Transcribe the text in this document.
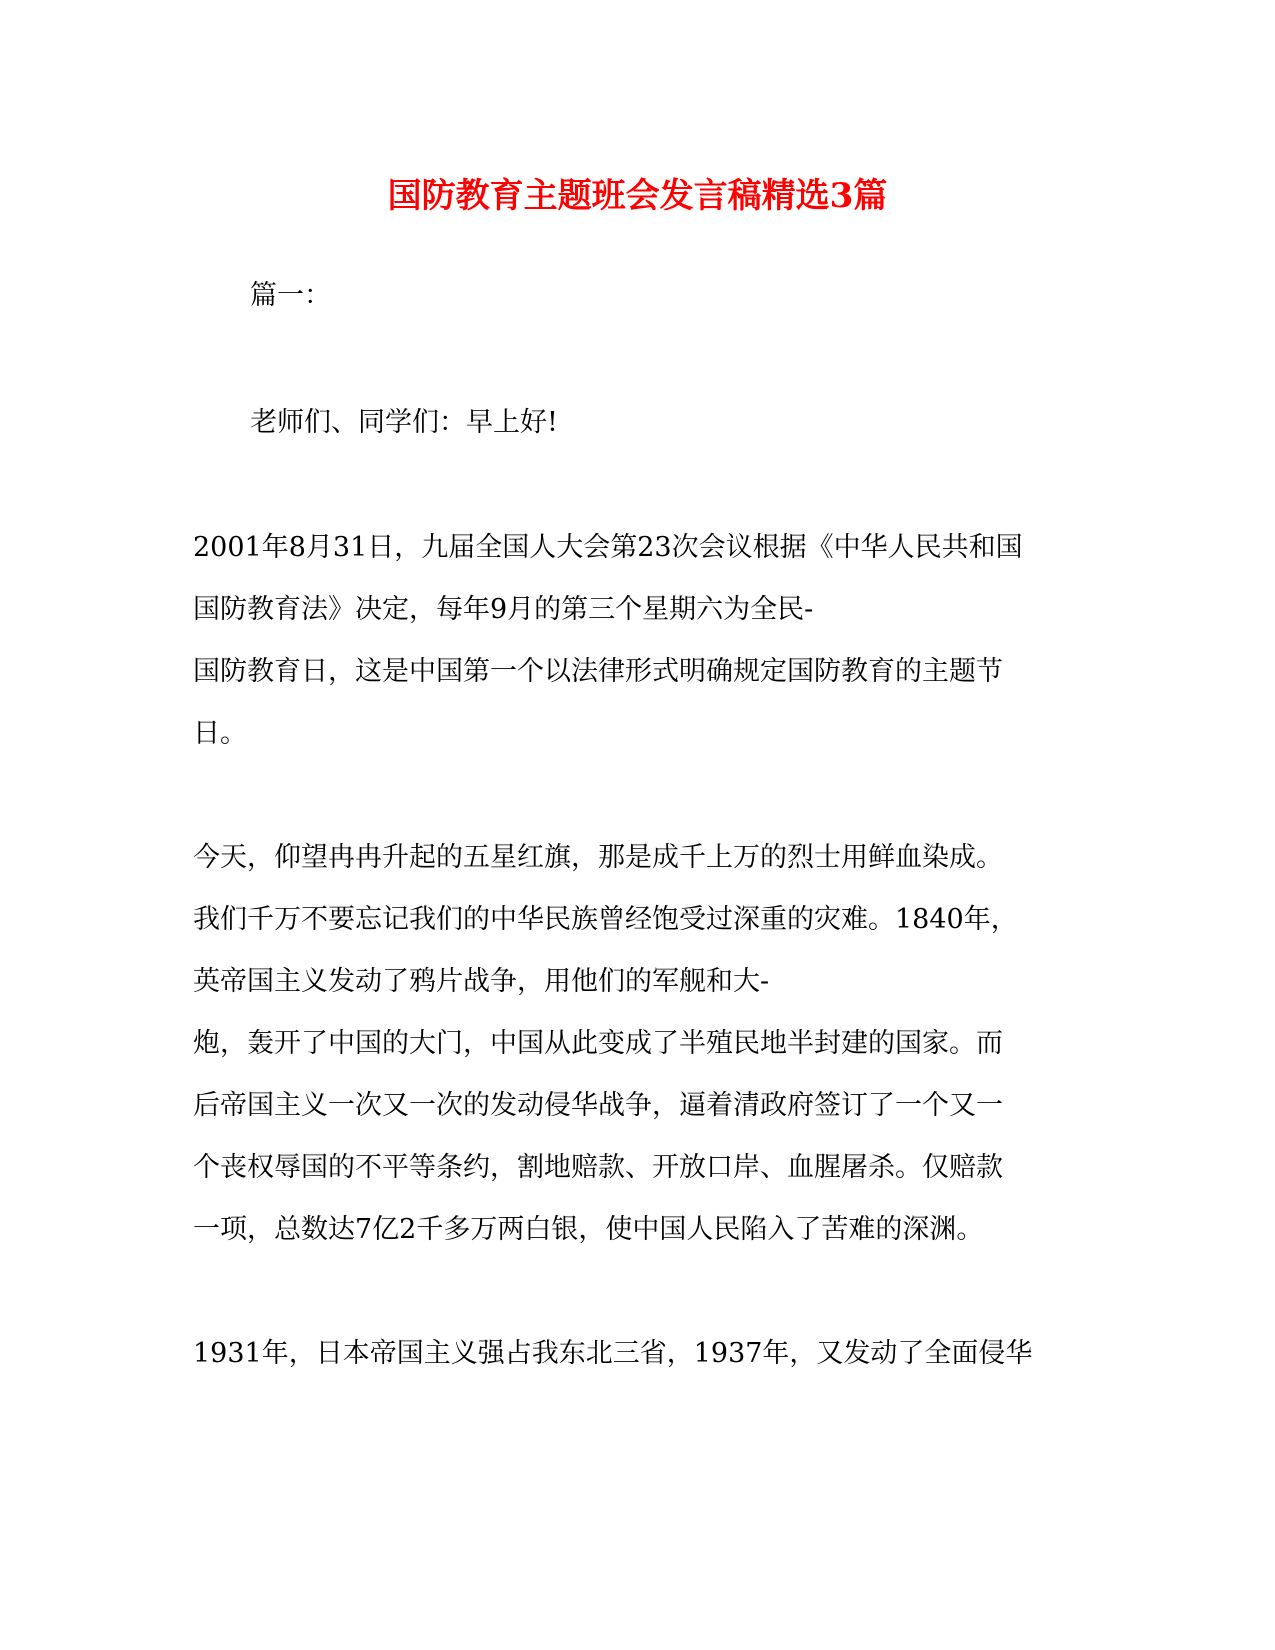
国防教育主题班会发言稿精选3篇
篇一：
老师们、同学们：早上好!
2001年8月31日，九届全国人大会第23次会议根据《中华人民共和国
国防教育法》决定，每年9月的第三个星期六为全民-
国防教育日，这是中国第一个以法律形式明确规定国防教育的主题节
日。
今天，仰望冉冉升起的五星红旗，那是成千上万的烈士用鲜血染成。
我们千万不要忘记我们的中华民族曾经饱受过深重的灾难。1840年，
英帝国主义发动了鸦片战争，用他们的军舰和大-
炮，轰开了中国的大门，中国从此变成了半殖民地半封建的国家。而
后帝国主义一次又一次的发动侵华战争，逼着清政府签订了一个又一
个丧权辱国的不平等条约，割地赔款、开放口岸、血腥屠杀。仅赔款
一项，总数达7亿2千多万两白银，使中国人民陷入了苦难的深渊。
1931年，日本帝国主义强占我东北三省，1937年，又发动了全面侵华
